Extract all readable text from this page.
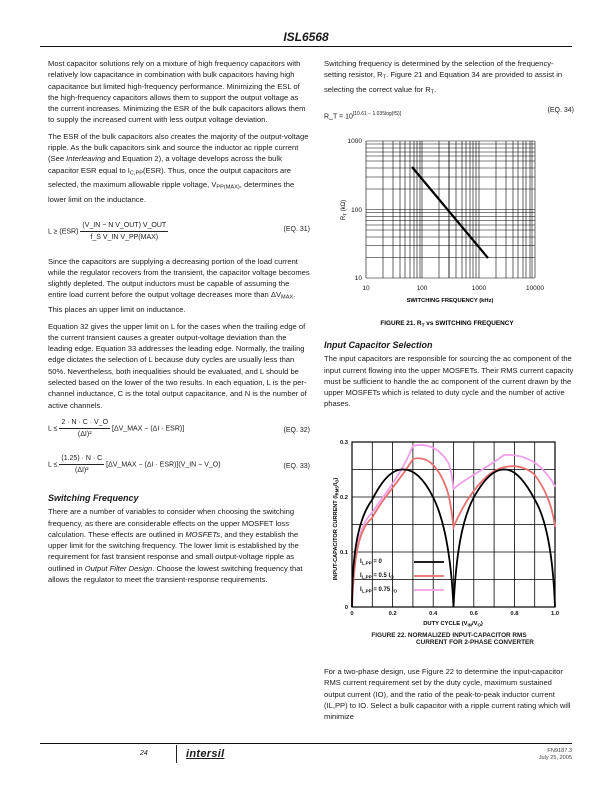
ISL6568

Most capacitor solutions rely on a mixture of high frequency capacitors with relatively low capacitance in combination with bulk capacitors having high capacitance but limited high-frequency performance. Minimizing the ESL of the high-frequency capacitors allows them to support the output voltage as the current increases. Minimizing the ESR of the bulk capacitors allows them to supply the increased current with less output voltage deviation.

The ESR of the bulk capacitors also creates the majority of the output-voltage ripple. As the bulk capacitors sink and source the inductor ac ripple current (See Interleaving and Equation 2), a voltage develops across the bulk capacitor ESR equal to $I_{C,PP}(ESR)$. Thus, once the output capacitors are selected, the maximum allowable ripple voltage, $V_{PP(MAX)}$, determines the lower limit on the inductance.

$L \ge (ESR) \frac{\text{(V\_IN − N V\_OUT) V\_OUT}}{\text{f\_S V\_IN V\_PP(MAX)}}$	(EQ. 31)

Since the capacitors are supplying a decreasing portion of the load current while the regulator recovers from the transient, the capacitor voltage becomes slightly depleted. The output inductors must be capable of assuming the entire load current before the output voltage decreases more than $\Delta V_{MAX}$. This places an upper limit on inductance.

Equation 32 gives the upper limit on L for the cases when the trailing edge of the current transient causes a greater output-voltage deviation than the leading edge. Equation 33 addresses the leading edge. Normally, the trailing edge dictates the selection of L because duty cycles are usually less than 50%. Nevertheless, both inequalities should be evaluated, and L should be selected based on the lower of the two results. In each equation, L is the per-channel inductance, C is the total output capacitance, and N is the number of active channels.

$L \le \frac{2 \cdot N \cdot C \cdot V\_O}{\text{(ΔI)²}}$ [ΔV_MAX − (ΔI · ESR)]	(EQ. 32)
$L \le \frac{(1.25) \cdot N \cdot C}{\text{(ΔI)²}}$ [ΔV_MAX − (ΔI · ESR)](V_IN − V_O)	(EQ. 33)
Switching Frequency

There are a number of variables to consider when choosing the switching frequency, as there are considerable effects on the upper MOSFET loss calculation. These effects are outlined in MOSFETs, and they establish the upper limit for the switching frequency. The lower limit is established by the requirement for fast transient response and small output-voltage ripple as outlined in Output Filter Design. Choose the lowest switching frequency that allows the regulator to meet the transient-response requirements.

Switching frequency is determined by the selection of the frequency-setting resistor, $R_T$. Figure 21 and Equation 34 are provided to assist in selecting the correct value for $R_T$.

R_T = 10[10.61 − 1.035log(fS)]	(EQ. 34)
1000
100
10
10	100	1000	10000
SWITCHING FREQUENCY (kHz)
$R_T$ (kΩ)
FIGURE 21. $R_T$ vs SWITCHING FREQUENCY
Input Capacitor Selection

The input capacitors are responsible for sourcing the ac component of the input current flowing into the upper MOSFETs. Their RMS current capacity must be sufficient to handle the ac component of the current drawn by the upper MOSFETs which is related to duty cycle and the number of active phases.

$I_{L,PP} = 0$
$I_{L,PP} = 0.5$ $I_O$
$I_{L,PP} = 0.75$ $I_O$
0.3
0.2
0.1
0
0	0.2	0.4	0.6	0.8	1.0
DUTY CYCLE $(V_{IN}/V_O)$
INPUT-CAPACITOR CURRENT $(I_{RMS}/I_O)$
FIGURE 22. NORMALIZED INPUT-CAPACITOR RMS
CURRENT FOR 2-PHASE CONVERTER

For a two-phase design, use Figure 22 to determine the input-capacitor RMS current requirement set by the duty cycle, maximum sustained output current (IO), and the ratio of the peak-to-peak inductor current (IL,PP) to IO. Select a bulk capacitor with a ripple current rating which will minimize

24	intersil	FN9187.3
July 25, 2005
